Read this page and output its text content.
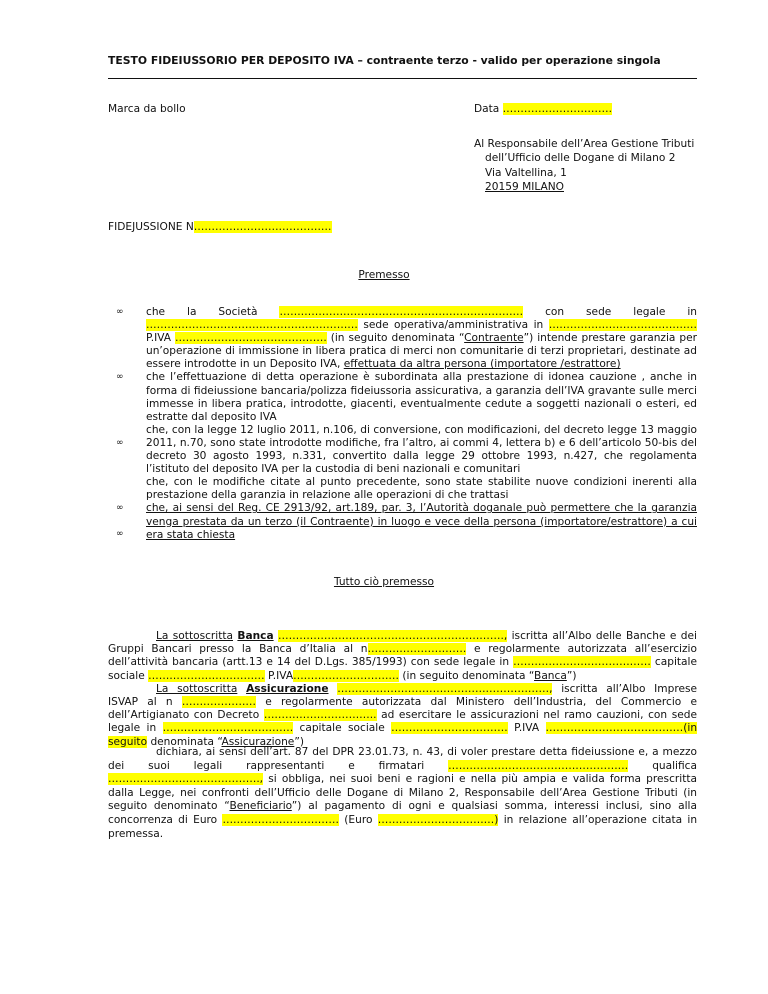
TESTO FIDEIUSSORIO PER DEPOSITO IVA – contraente terzo - valido per operazione singola
Marca da bollo	Data ………………………….
Al Responsabile dell’Area Gestione Tributi
dell’Ufficio delle Dogane di Milano 2
Via Valtellina, 1
20159 MILANO
FIDEJUSSIONE N…………………………………
Premesso
∞
∞
∞
∞
∞

che la Società …………………………………………………………… con sede legale in …………………………………………………… sede operativa/amministrativa in …………………………………… P.IVA ……………………………………. (in seguito denominata “Contraente”) intende prestare garanzia per un’operazione di immissione in libera pratica di merci non comunitarie di terzi proprietari, destinate ad essere introdotte in un Deposito IVA, effettuata da altra persona (importatore /estrattore)

che l’effettuazione di detta operazione è subordinata alla prestazione di idonea cauzione , anche in forma di fideiussione bancaria/polizza fideiussoria assicurativa, a garanzia dell’IVA gravante sulle merci immesse in libera pratica, introdotte, giacenti, eventualmente cedute a soggetti nazionali o esteri, ed estratte dal deposito IVA

che, con la legge 12 luglio 2011, n.106, di conversione, con modificazioni, del decreto legge 13 maggio 2011, n.70, sono state introdotte modifiche, fra l’altro, ai commi 4, lettera b) e 6 dell’articolo 50-bis del decreto 30 agosto 1993, n.331, convertito dalla legge 29 ottobre 1993, n.427, che regolamenta l’istituto del deposito IVA per la custodia di beni nazionali e comunitari

che, con le modifiche citate al punto precedente, sono state stabilite nuove condizioni inerenti alla prestazione della garanzia in relazione alle operazioni di che trattasi

che, ai sensi del Reg. CE 2913/92, art.189, par. 3, l’Autorità doganale può permettere che la garanzia venga prestata da un terzo (il Contraente) in luogo e vece della persona (importatore/estrattore) a cui era stata chiesta

Tutto ciò premesso
La sottoscritta Banca ………………………………………………………., iscritta all’Albo delle Banche e dei Gruppi Bancari presso la Banca d’Italia al n………………………. e regolarmente autorizzata all’esercizio dell’attività bancaria (artt.13 e 14 del D.Lgs. 385/1993) con sede legale in ………………………………… capitale sociale …………………………… P.IVA………………………… (in seguito denominata “Banca”)
La sottoscritta Assicurazione ……………………………………………………, iscritta all’Albo Imprese ISVAP al n ………………… e regolarmente autorizzata dal Ministero dell’Industria, del Commercio e dell’Artigianato con Decreto ………………………….. ad esercitare le assicurazioni nel ramo cauzioni, con sede legale in ………………………………. capitale sociale …………………………… P.IVA …………………………………(in seguito denominata “Assicurazione”)
dichiara, ai sensi dell’art. 87 del DPR 23.01.73, n. 43, di voler prestare detta fideiussione e, a mezzo dei suoi legali rappresentanti e firmatari …………………………………………… qualifica ……………………………………., si obbliga, nei suoi beni e ragioni e nella più ampia e valida forma prescritta dalla Legge, nei confronti dell’Ufficio delle Dogane di Milano 2, Responsabile dell’Area Gestione Tributi (in seguito denominato “Beneficiario”) al pagamento di ogni e qualsiasi somma, interessi inclusi, sino alla concorrenza di Euro …………………………… (Euro ……………………………) in relazione all’operazione citata in premessa.
